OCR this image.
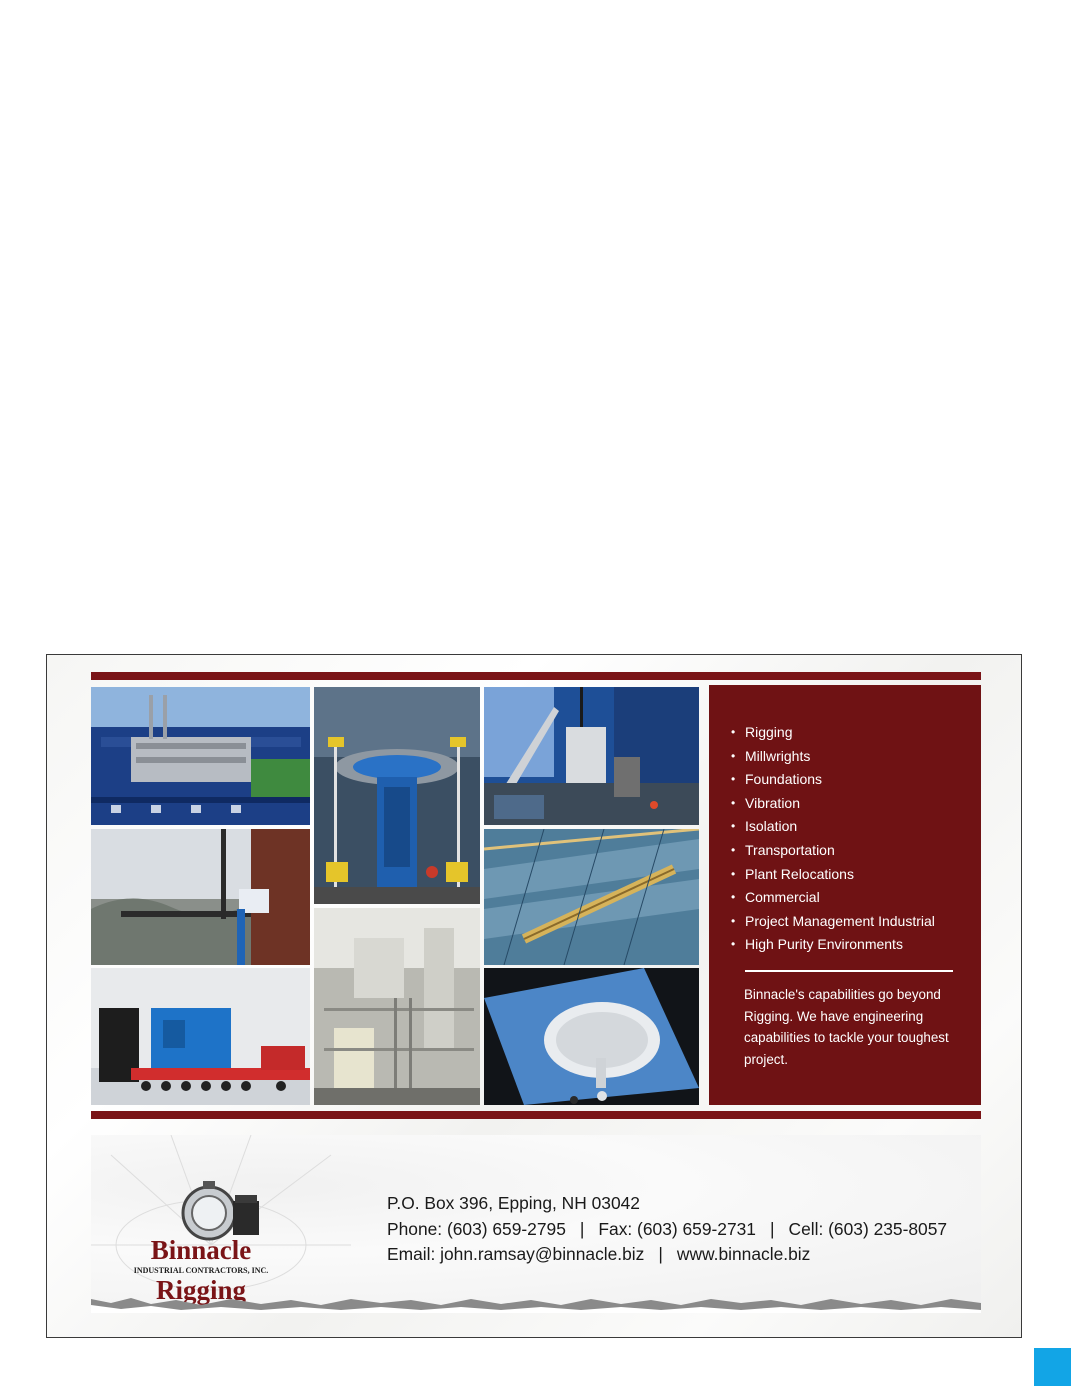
• Rigging
• Millwrights
• Foundations
• Vibration
• Isolation
• Transportation
• Plant Relocations
• Commercial
• Project Management Industrial
• High Purity Environments
Binnacle's capabilities go beyond Rigging. We have engineering capabilities to tackle your toughest project.
Binnacle
INDUSTRIAL CONTRACTORS, INC.
Rigging
P.O. Box 396, Epping, NH 03042
Phone: (603) 659-2795 | Fax: (603) 659-2731 | Cell: (603) 235-8057
Email: john.ramsay@binnacle.biz | www.binnacle.biz
